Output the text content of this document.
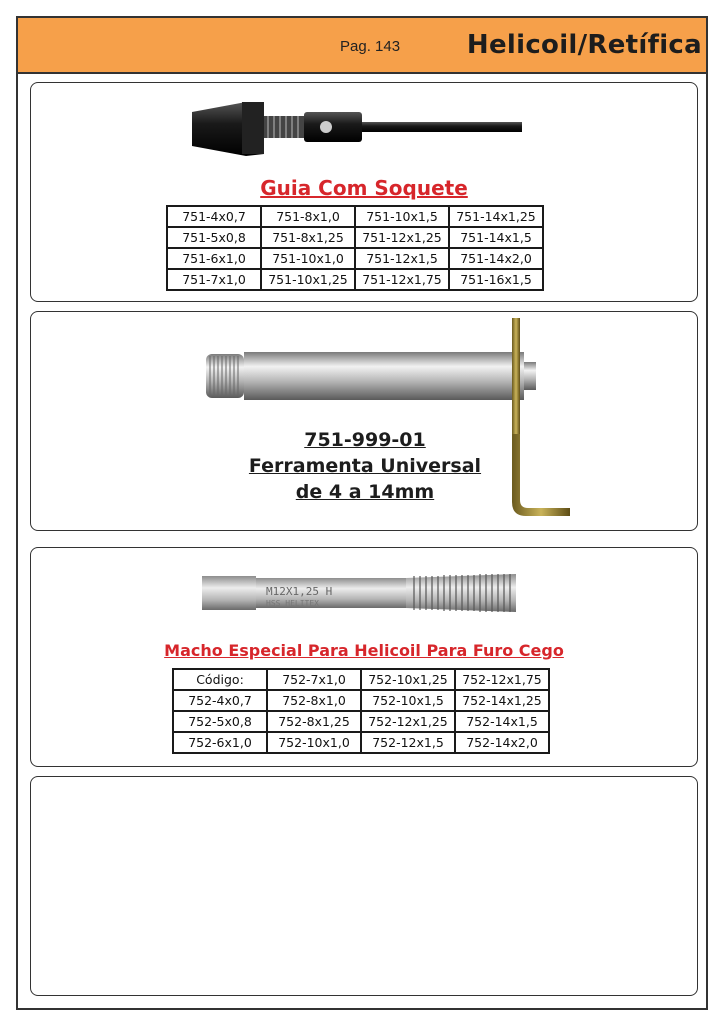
Pag. 143	Helicoil/Retífica
Guia Com Soquete
751-4x0,7	751-8x1,0	751-10x1,5	751-14x1,25
751-5x0,8	751-8x1,25	751-12x1,25	751-14x1,5
751-6x1,0	751-10x1,0	751-12x1,5	751-14x2,0
751-7x1,0	751-10x1,25	751-12x1,75	751-16x1,5
751-999-01
Ferramenta Universal
de 4 a 14mm
M12X1,25 H
HSS HELITEX
Macho Especial Para Helicoil Para Furo Cego
Código:	752-7x1,0	752-10x1,25	752-12x1,75
752-4x0,7	752-8x1,0	752-10x1,5	752-14x1,25
752-5x0,8	752-8x1,25	752-12x1,25	752-14x1,5
752-6x1,0	752-10x1,0	752-12x1,5	752-14x2,0
